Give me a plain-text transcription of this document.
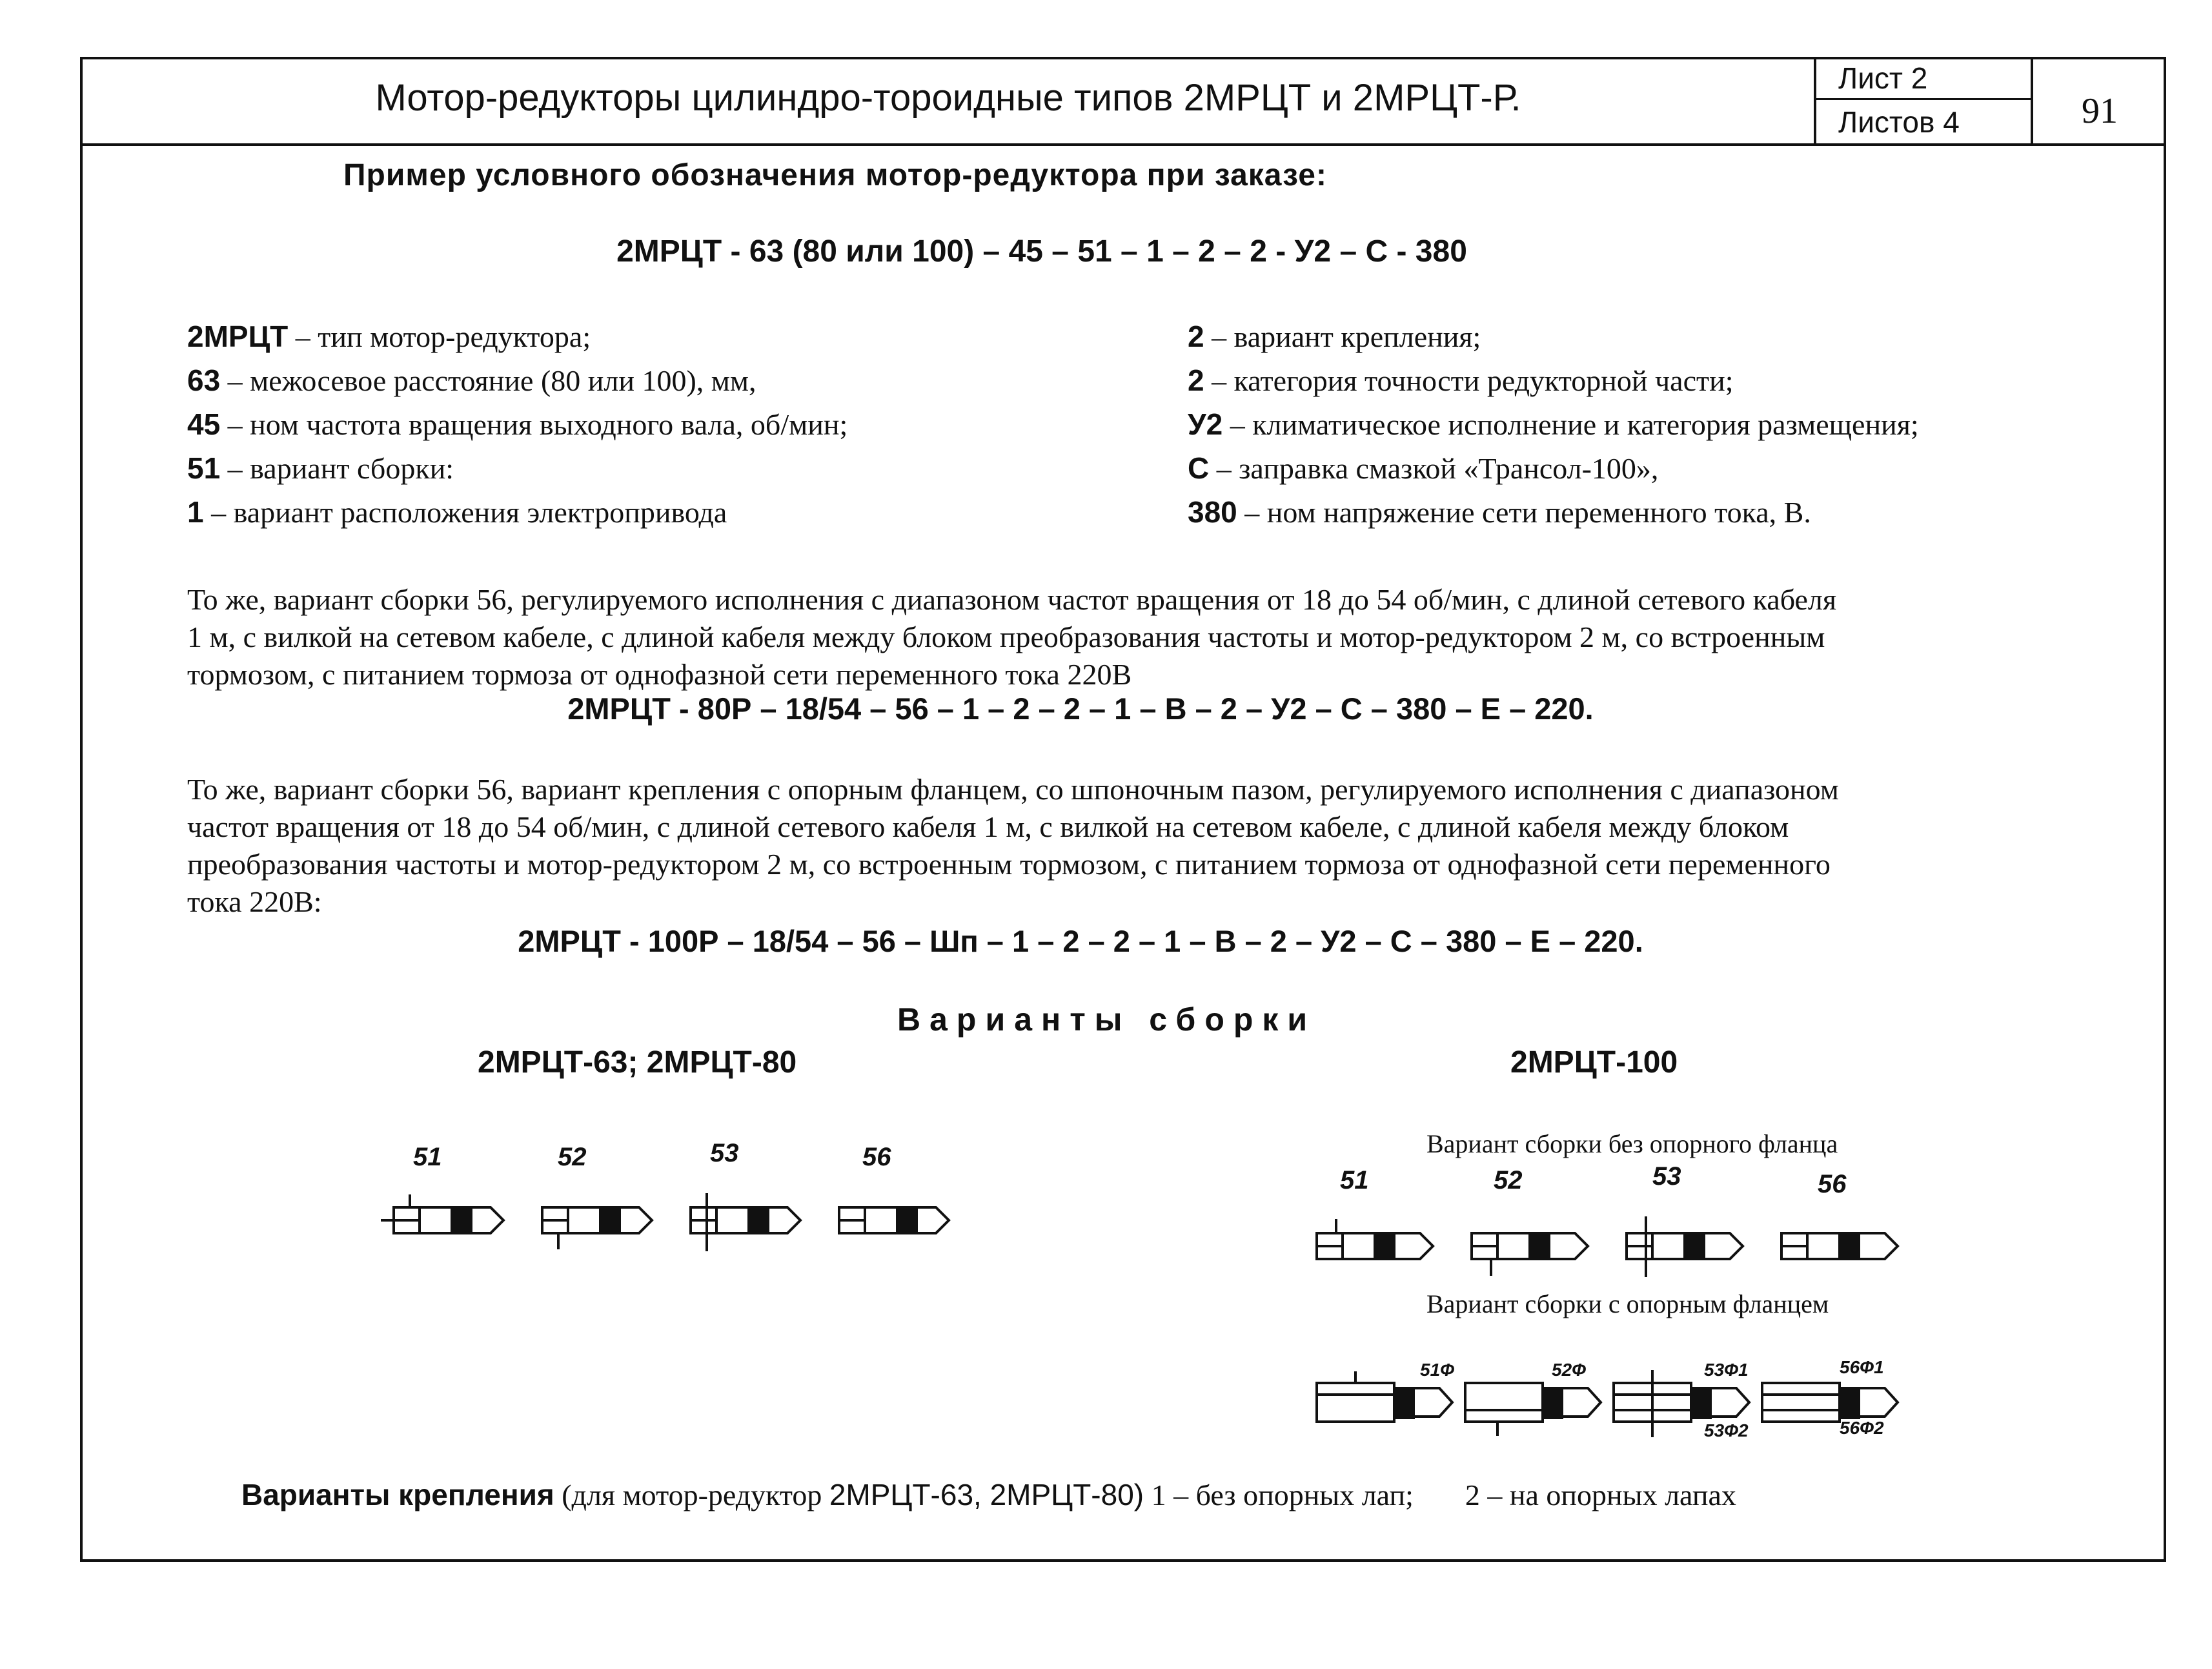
Мотор-редукторы цилиндро-тороидные типов 2МРЦТ и 2МРЦТ-Р.	Лист 2
Листов 4	91
Пример условного обозначения мотор-редуктора при заказе:
2МРЦТ - 63 (80 или 100) – 45 – 51 – 1 – 2 – 2 - У2 – С - 380
2МРЦТ – тип мотор-редуктора;
63 – межосевое расстояние (80 или 100), мм,
45 – ном частота вращения выходного вала, об/мин;
51 – вариант сборки:
1 – вариант расположения электропривода
2 – вариант крепления;
2 – категория точности редукторной части;
У2 – климатическое исполнение и категория размещения;
С – заправка смазкой «Трансол-100»,
380 – ном напряжение сети переменного тока, В.
То же, вариант сборки 56, регулируемого исполнения с диапазоном частот вращения от 18 до 54 об/мин, с длиной сетевого кабеля
1 м, с вилкой на сетевом кабеле, с длиной кабеля между блоком преобразования частоты и мотор-редуктором 2 м, со встроенным
тормозом, с питанием тормоза от однофазной сети переменного тока 220В
2МРЦТ - 80Р – 18/54 – 56 – 1 – 2 – 2 – 1 – В – 2 – У2 – С – 380 – Е – 220.
То же, вариант сборки 56, вариант крепления с опорным фланцем, со шпоночным пазом, регулируемого исполнения с диапазоном
частот вращения от 18 до 54 об/мин, с длиной сетевого кабеля 1 м, с вилкой на сетевом кабеле, с длиной кабеля между блоком
преобразования частоты и мотор-редуктором 2 м, со встроенным тормозом, с питанием тормоза от однофазной сети переменного
тока 220В:
2МРЦТ - 100Р – 18/54 – 56 – Шп – 1 – 2 – 2 – 1 – В – 2 – У2 – С – 380 – Е – 220.
Варианты сборки
2МРЦТ-63; 2МРЦТ-80	2МРЦТ-100
51	52	53	56	Вариант сборки без опорного фланца
51	52	53	56
Вариант сборки с опорным фланцем
51Ф	52Ф	53Ф1	56Ф1
53Ф2	56Ф2
Варианты крепления (для мотор-редуктор 2МРЦТ-63, 2МРЦТ-80) 1 – без опорных лап; 2 – на опорных лапах
